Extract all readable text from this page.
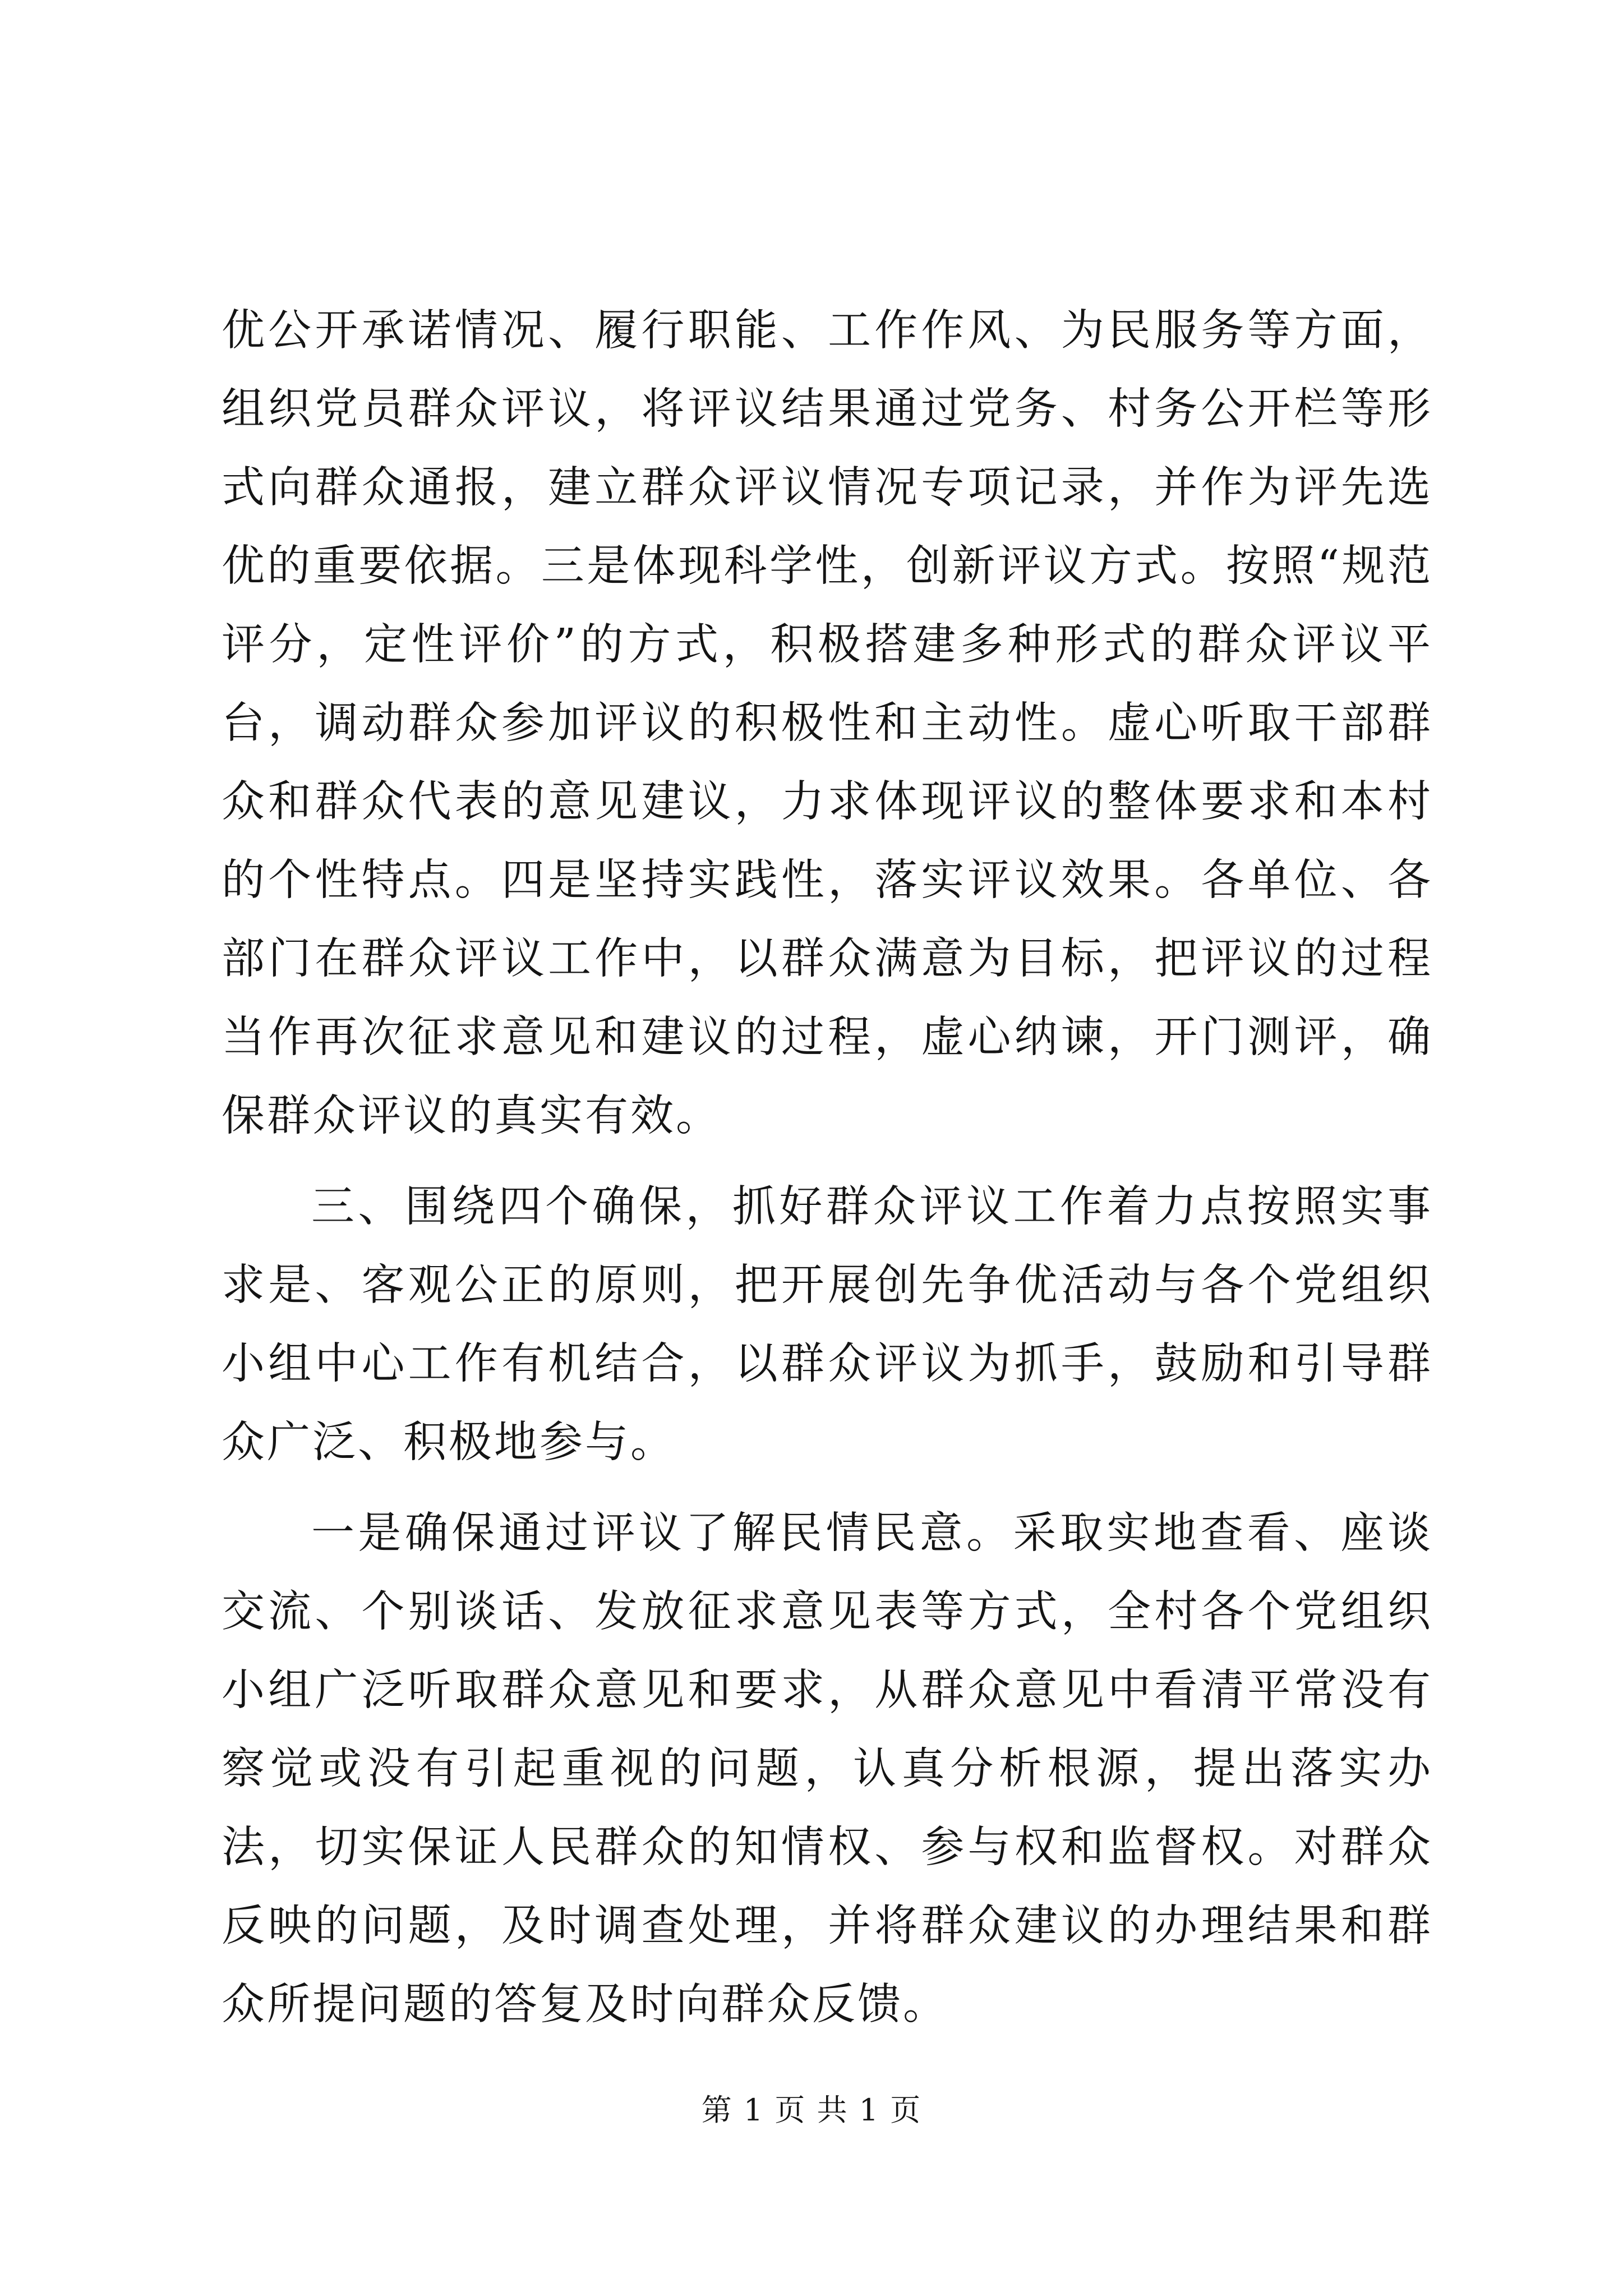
优公开承诺情况、履行职能、工作作风、为民服务等方面，组织党员群众评议，将评议结果通过党务、村务公开栏等形式向群众通报，建立群众评议情况专项记录，并作为评先选优的重要依据。三是体现科学性，创新评议方式。按照“规范评分，定性评价”的方式，积极搭建多种形式的群众评议平台，调动群众参加评议的积极性和主动性。虚心听取干部群众和群众代表的意见建议，力求体现评议的整体要求和本村的个性特点。四是坚持实践性，落实评议效果。各单位、各部门在群众评议工作中，以群众满意为目标，把评议的过程当作再次征求意见和建议的过程，虚心纳谏，开门测评，确保群众评议的真实有效。

三、围绕四个确保，抓好群众评议工作着力点按照实事求是、客观公正的原则，把开展创先争优活动与各个党组织小组中心工作有机结合，以群众评议为抓手，鼓励和引导群众广泛、积极地参与。

一是确保通过评议了解民情民意。采取实地查看、座谈交流、个别谈话、发放征求意见表等方式，全村各个党组织小组广泛听取群众意见和要求，从群众意见中看清平常没有察觉或没有引起重视的问题，认真分析根源，提出落实办法，切实保证人民群众的知情权、参与权和监督权。对群众反映的问题，及时调查处理，并将群众建议的办理结果和群众所提问题的答复及时向群众反馈。

第 1 页 共 1 页
